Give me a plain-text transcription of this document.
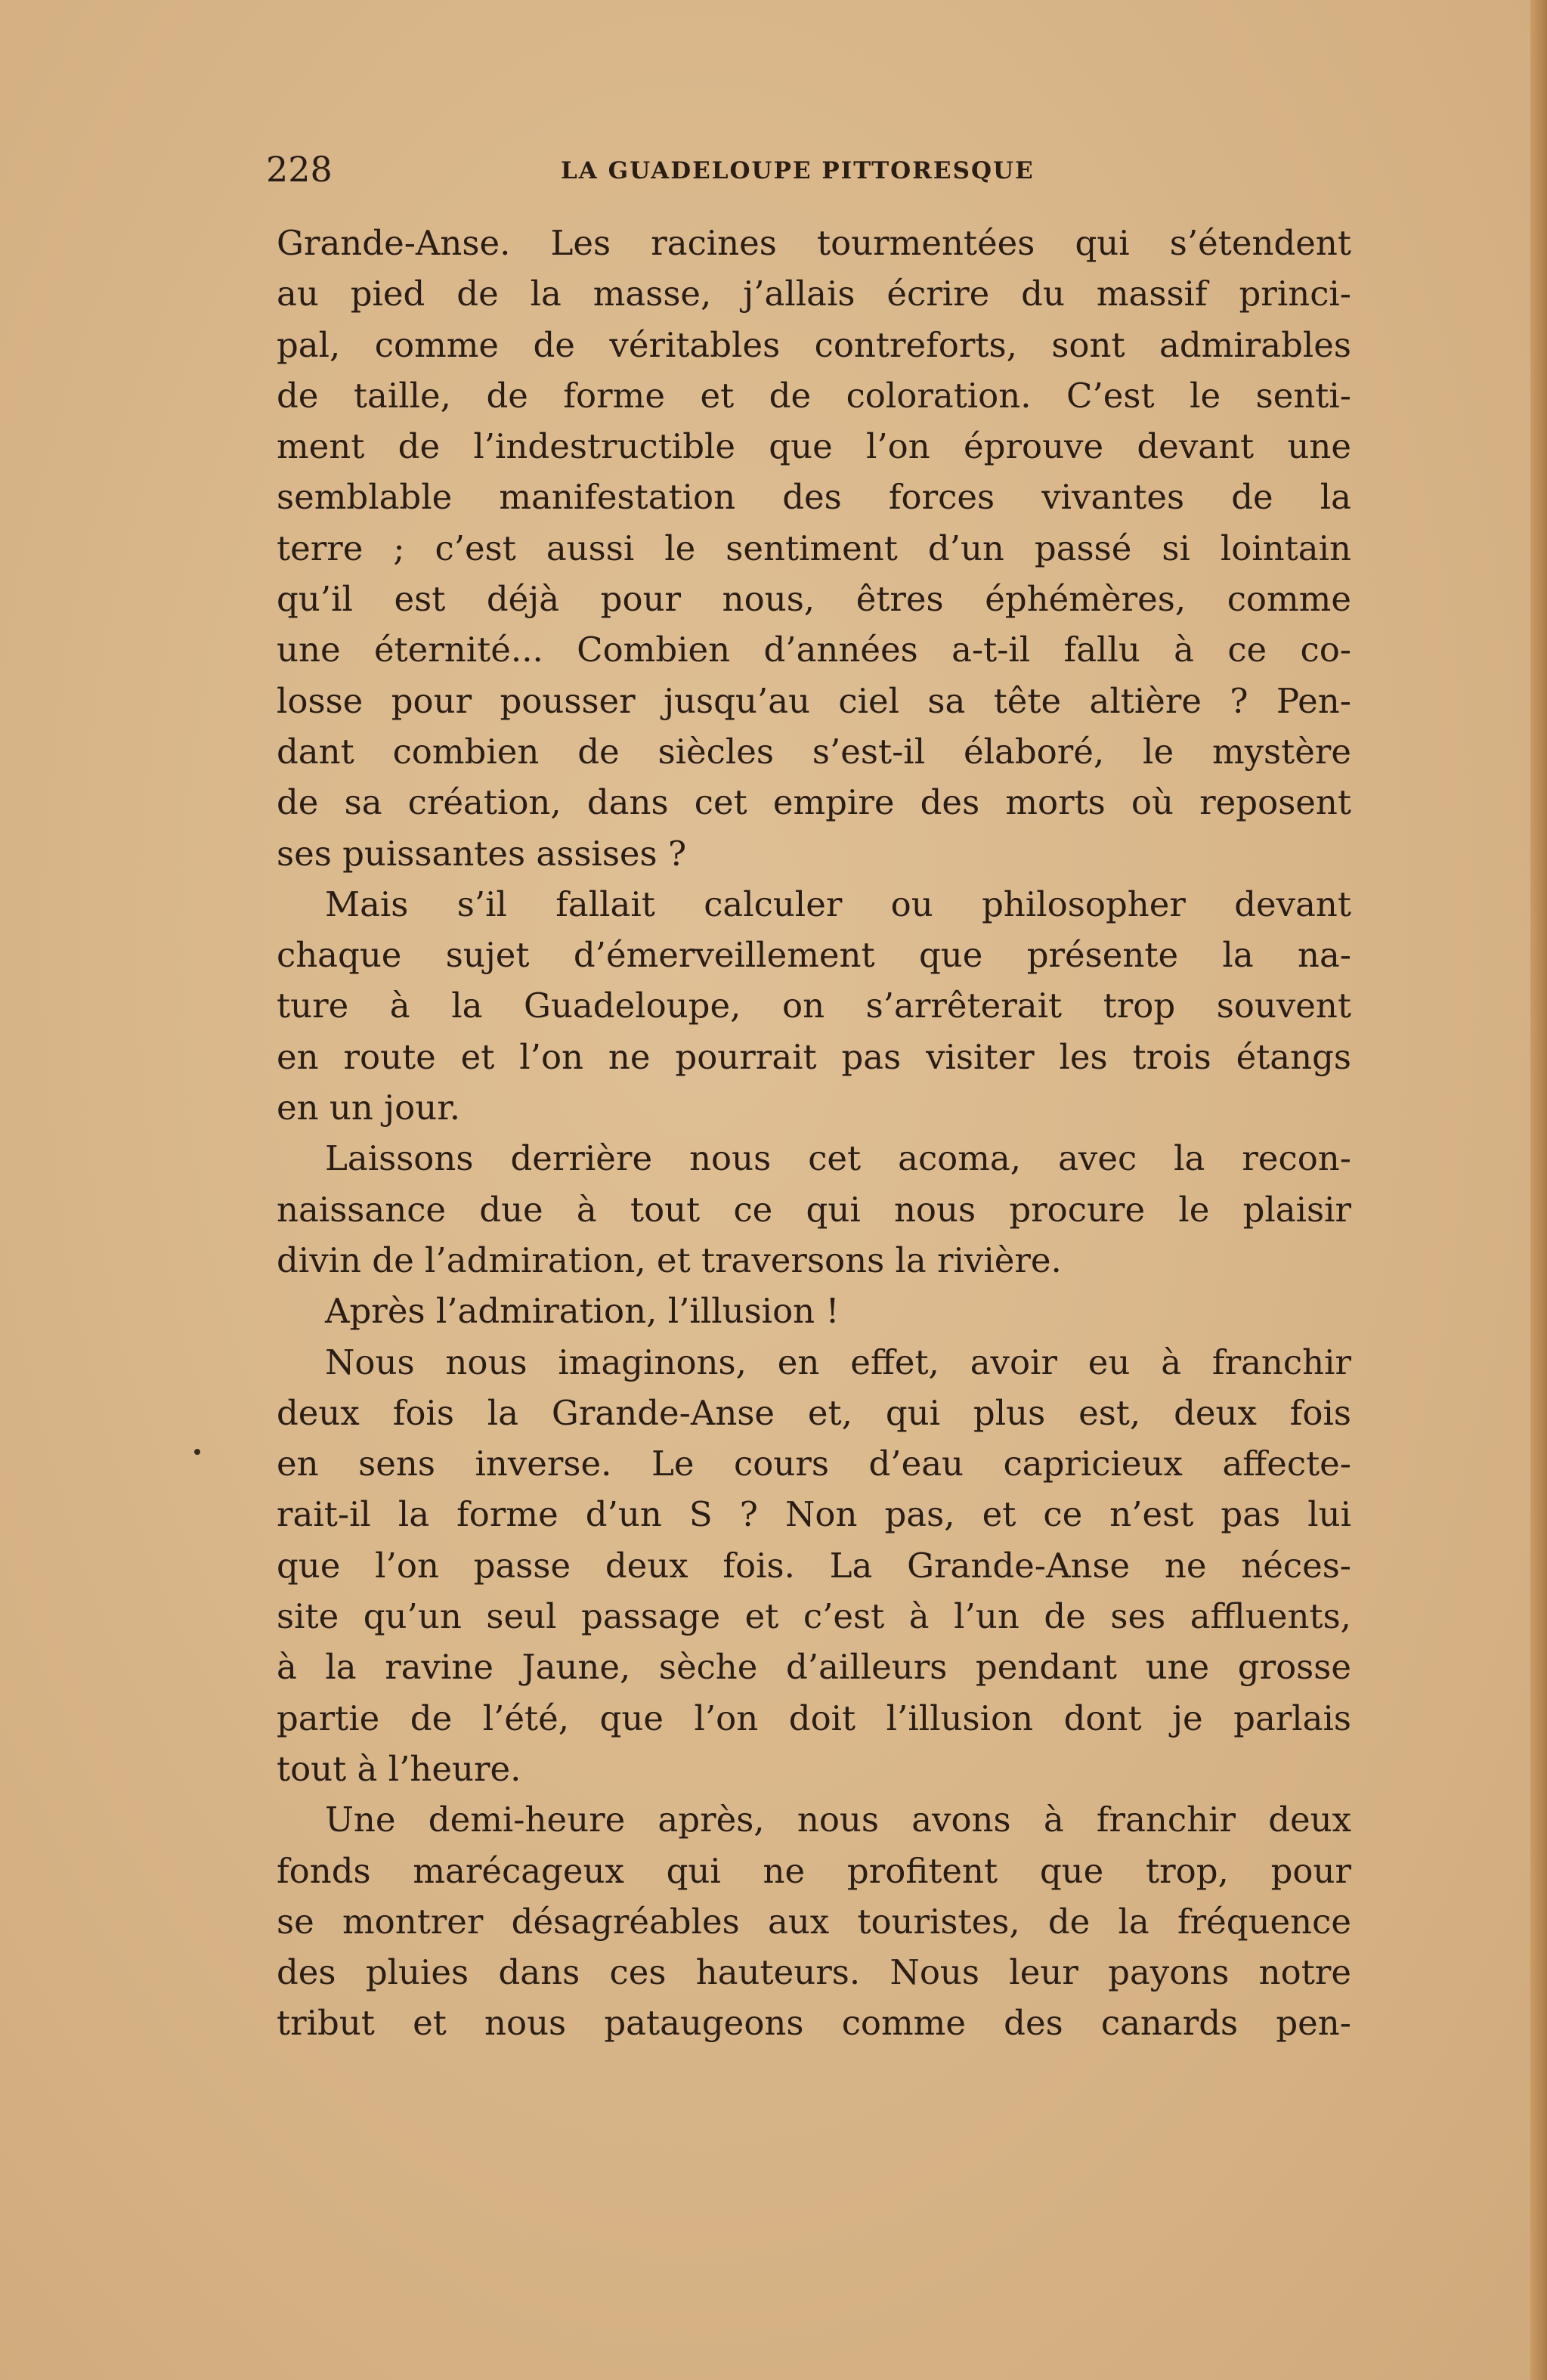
228	LA GUADELOUPE PITTORESQUE
Grande-Anse. Les racines tourmentées qui s’étendent
au pied de la masse, j’allais écrire du massif princi-
pal, comme de véritables contreforts, sont admirables
de taille, de forme et de coloration. C’est le senti-
ment de l’indestructible que l’on éprouve devant une
semblable manifestation des forces vivantes de la
terre ; c’est aussi le sentiment d’un passé si lointain
qu’il est déjà pour nous, êtres éphémères, comme
une éternité... Combien d’années a-t-il fallu à ce co-
losse pour pousser jusqu’au ciel sa tête altière ? Pen-
dant combien de siècles s’est-il élaboré, le mystère
de sa création, dans cet empire des morts où reposent
ses puissantes assises ?
Mais s’il fallait calculer ou philosopher devant
chaque sujet d’émerveillement que présente la na-
ture à la Guadeloupe, on s’arrêterait trop souvent
en route et l’on ne pourrait pas visiter les trois étangs
en un jour.
Laissons derrière nous cet acoma, avec la recon-
naissance due à tout ce qui nous procure le plaisir
divin de l’admiration, et traversons la rivière.
Après l’admiration, l’illusion !
Nous nous imaginons, en effet, avoir eu à franchir
deux fois la Grande-Anse et, qui plus est, deux fois
en sens inverse. Le cours d’eau capricieux affecte-
rait-il la forme d’un S ? Non pas, et ce n’est pas lui
que l’on passe deux fois. La Grande-Anse ne néces-
site qu’un seul passage et c’est à l’un de ses affluents,
à la ravine Jaune, sèche d’ailleurs pendant une grosse
partie de l’été, que l’on doit l’illusion dont je parlais
tout à l’heure.
Une demi-heure après, nous avons à franchir deux
fonds marécageux qui ne profitent que trop, pour
se montrer désagréables aux touristes, de la fréquence
des pluies dans ces hauteurs. Nous leur payons notre
tribut et nous pataugeons comme des canards pen-
